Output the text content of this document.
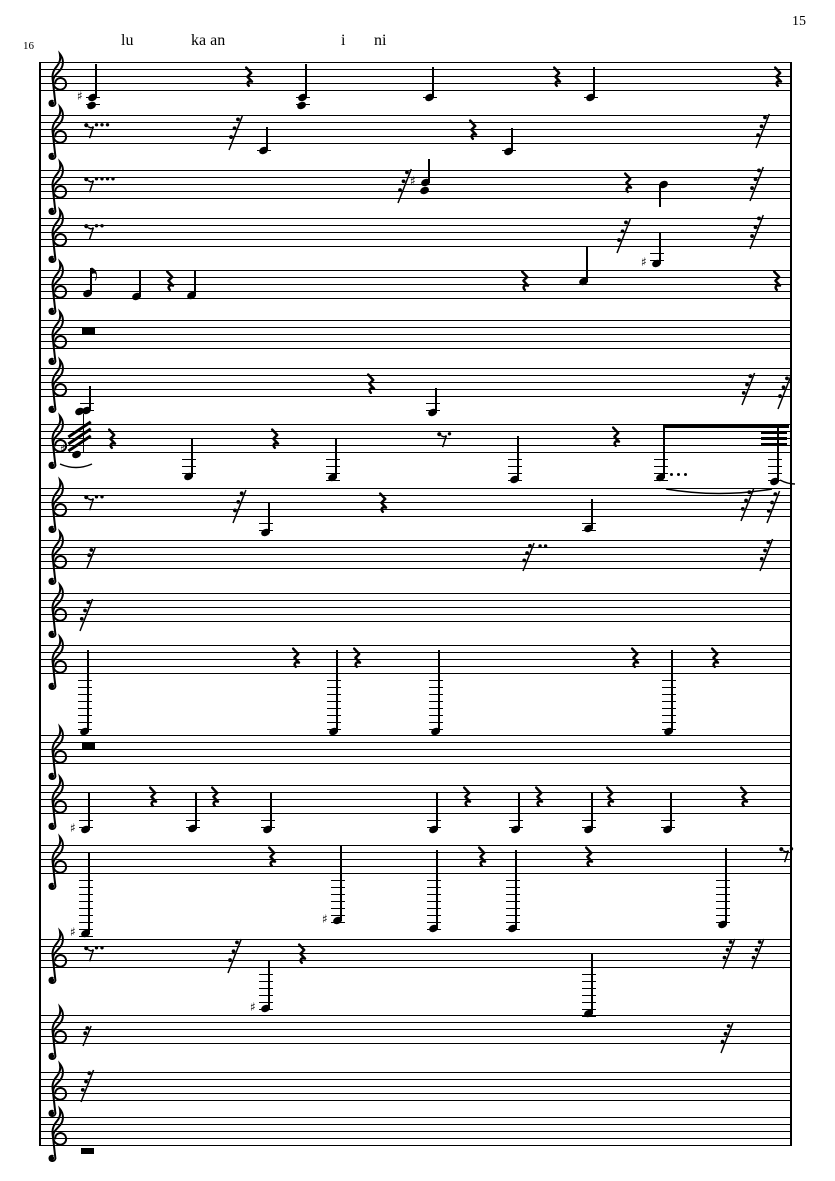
16
15
lu	ka an	i ni
♯
♯
♯
♯
♯
♯
♯
♯
